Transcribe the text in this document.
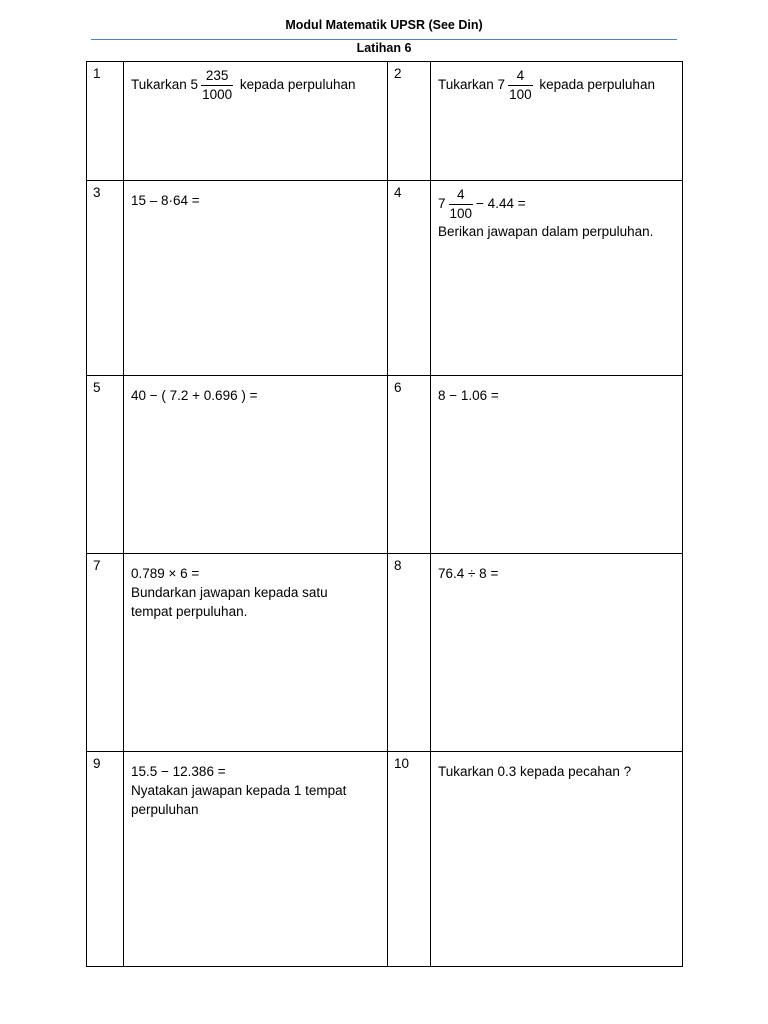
Modul Matematik UPSR (See Din)
Latihan 6
1	Tukarkan $5 \frac{235}{1000}$ kepada perpuluhan	2	Tukarkan $7 \frac{4}{100}$ kepada perpuluhan

3	15 – 8·64 =	4	$7 \frac{4}{100} - 4.44$ =
Berikan jawapan dalam perpuluhan.

5	40 − ( 7.2 + 0.696 ) =	6	8 − 1.06 =

7	0.789 × 6 =
Bundarkan jawapan kepada satu
tempat perpuluhan.	8	76.4 ÷ 8 =

9	15.5 − 12.386 =
Nyatakan jawapan kepada 1 tempat
perpuluhan	10	Tukarkan 0.3 kepada pecahan ?
